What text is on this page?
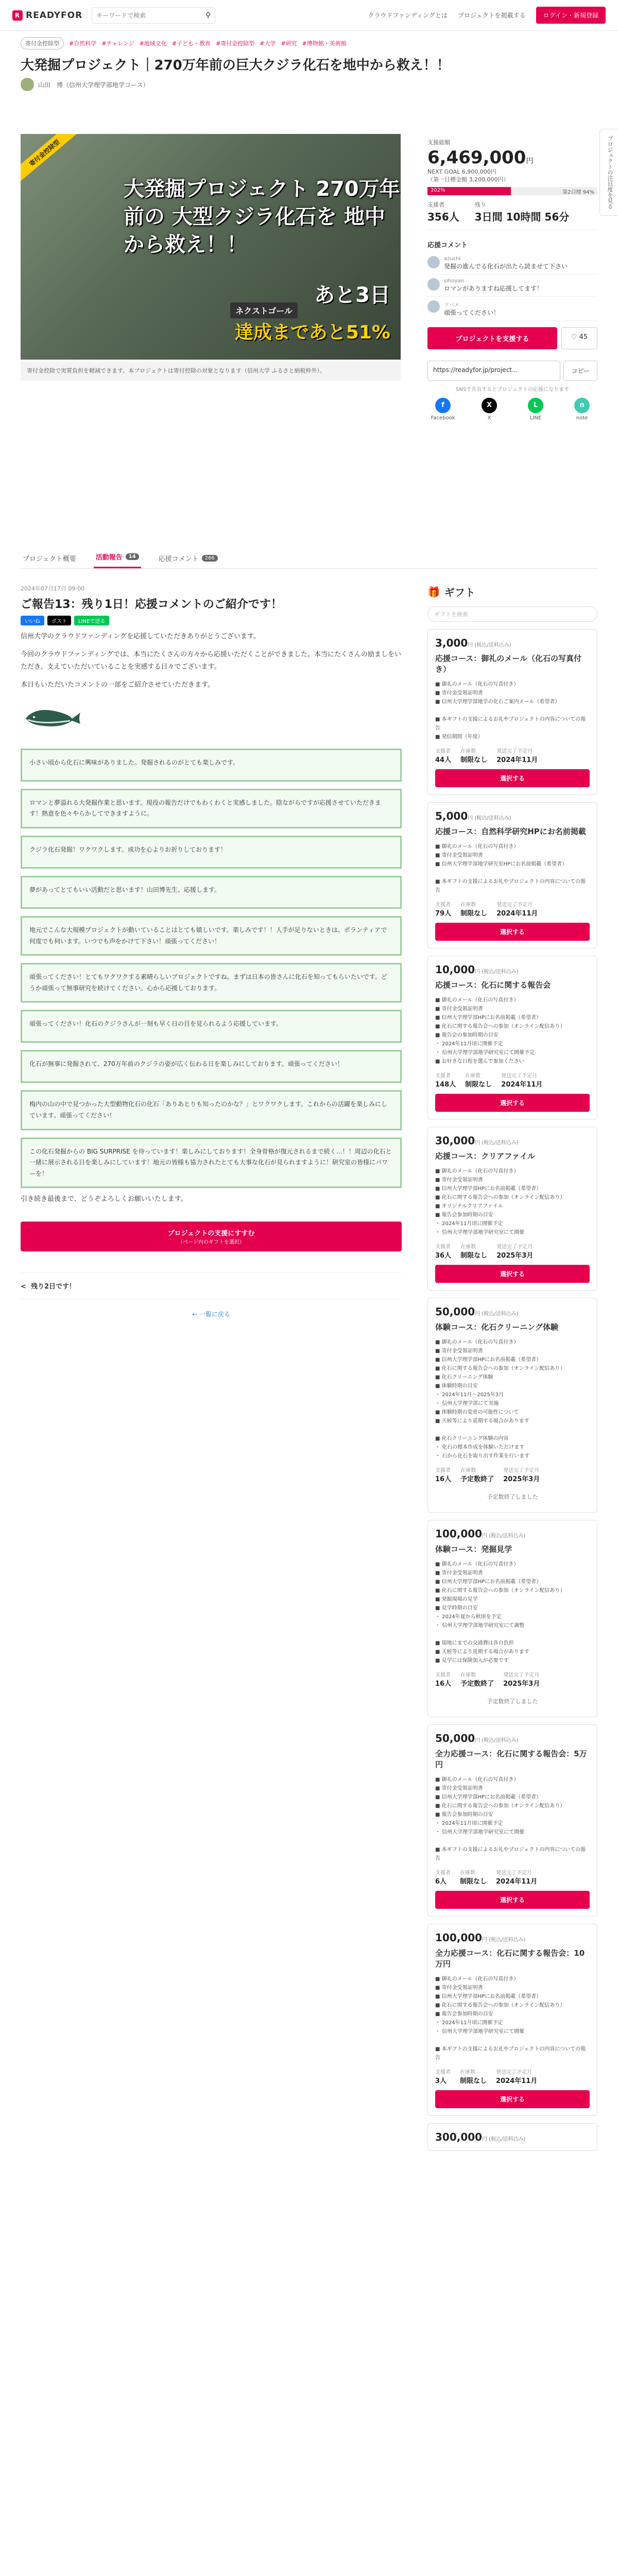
R READYFOR
キーワードで検索	⚲	クラウドファンディングとは プロジェクトを掲載する	ログイン・新規登録
プロジェクトの注目度を見る
寄付金控除型	#自然科学 #チャレンジ #地域文化 #子ども・教育 #寄付金控除型 #大学 #研究 #博物館・美術館
大発掘プロジェクト｜270万年前の巨大クジラ化石を地中から救え！！
山田　博（信州大学理学部地学コース）
寄付金控除型
大発掘プロジェクト 270万年前の 大型クジラ化石を 地中から救え！！
ネクストゴール
あと3日
達成まであと51%
寄付金控除で実質負担を軽減できます。本プロジェクトは寄付控除の対象となります（信州大学 ふるさと納税枠外）。
支援総額
6,469,000円
NEXT GOAL 6,900,000円
（第一目標金額 3,200,000円）
202%	第2目標 94%
支援者
356人
残り
3日間 10時間 56分
応援コメント
azuchi
発掘の進んでる化石が出たら読ませて下さい
sihoyan
ロマンがありますね応援してます！
ツバメ
頑張ってください！
プロジェクトを支援する	♡ 45
https://readyfor.jp/project...	コピー
SNSで共有するとプロジェクトの応援になります
f
Facebook
X
X
L
LINE
n
note
プロジェクト概要	活動報告	14	応援コメント	266
2024年07月17日 09:00
ご報告13：残り1日！応援コメントのご紹介です！
いいね	ポスト	LINEで送る

信州大学のクラウドファンディングを応援していただきありがとうございます。

今回のクラウドファンディングでは、本当にたくさんの方々から応援いただくことができました。本当にたくさんの励ましをいただき、支えていただいていることを実感する日々でございます。

本日もいただいたコメントの一部をご紹介させていただきます。

小さい頃から化石に興味がありました。発掘されるのがとても楽しみです。
ロマンと夢溢れる大発掘作業と思います。現役の報告だけでもわくわくと実感しました。陰ながらですが応援させていただきます！熱意を色々やらかしてできますように。
クジラ化石発掘！ワクワクします。成功を心よりお祈りしております！
夢があってとてもいい活動だと思います！山田博先生、応援します。
地元でこんな大規模プロジェクトが動いていることはとても嬉しいです。楽しみです！！人手が足りないときは、ボランティアで何度でも伺います。いつでも声をかけて下さい！頑張ってください！
頑張ってください！とてもワクワクする素晴らしいプロジェクトですね。まずは日本の皆さんに化石を知ってもらいたいです。どうか頑張って無事研究を続けてください。心から応援しております。
頑張ってください！化石のクジラさんが一刻も早く日の目を見られるよう応援しています。
化石が無事に発掘されて、270万年前のクジラの姿が広く伝わる日を楽しみにしております。頑張ってください！
梅内の山の中で見つかった大型動物化石の化石「ありあとりも知ったのかな？」とワクワクします。これからの活躍を楽しみにしています。頑張ってください！
この化石発掘からの BIG SURPRISE を待っています！楽しみにしております！全身骨格が復元されるまで続く…！！周辺の化石と一緒に展示される日を楽しみにしています！地元の皆様も協力されたとても大事な化石が見られますように！研究室の皆様にパワーを！

引き続き最後まで、どうぞよろしくお願いいたします。

プロジェクトの支援にすすむ
（ページ内のギフトを選択）
<  残り2日です！
← 一覧に戻る
🎁 ギフト
ギフトを検索
3,000円 (税込/送料込み)
応援コース：御礼のメール（化石の写真付き）
■ 御礼のメール（化石の写真付き）
■ 寄付金受領証明書
■ 信州大学理学部地学の化石ご案内メール（希望者）

■ 本ギフトの支援によるお礼やプロジェクトの内容についての報告
■ 発信期間（年度）
支援者
44人
在庫数
制限なし
発送完了予定月
2024年11月
選択する
5,000円 (税込/送料込み)
応援コース：自然科学研究HPにお名前掲載
■ 御礼のメール（化石の写真付き）
■ 寄付金受領証明書
■ 信州大学理学部地学研究室HPにお名前掲載（希望者）

■ 本ギフトの支援によるお礼やプロジェクトの内容についての報告
支援者
79人
在庫数
制限なし
発送完了予定月
2024年11月
選択する
10,000円 (税込/送料込み)
応援コース：化石に関する報告会
■ 御礼のメール（化石の写真付き）
■ 寄付金受領証明書
■ 信州大学理学部HPにお名前掲載（希望者）
■ 化石に関する報告会への参加（オンライン配信あり）
■ 報告会の参加時期の目安
・ 2024年11月頃に開催予定
・ 信州大学理学部地学研究室にて開催予定
■ お好きな日程を選んで参加ください
支援者
148人
在庫数
制限なし
発送完了予定月
2024年11月
選択する
30,000円 (税込/送料込み)
応援コース：クリアファイル
■ 御礼のメール（化石の写真付き）
■ 寄付金受領証明書
■ 信州大学理学部HPにお名前掲載（希望者）
■ 化石に関する報告会への参加（オンライン配信あり）
■ オリジナルクリアファイル
■ 報告会参加時期の目安
・ 2024年11月頃に開催予定
・ 信州大学理学部地学研究室にて開催
支援者
36人
在庫数
制限なし
発送完了予定月
2025年3月
選択する
50,000円 (税込/送料込み)
体験コース：化石クリーニング体験
■ 御礼のメール（化石の写真付き）
■ 寄付金受領証明書
■ 信州大学理学部HPにお名前掲載（希望者）
■ 化石に関する報告会への参加（オンライン配信あり）
■ 化石クリーニング体験
■ 体験時期の目安
・ 2024年11月〜2025年3月
・ 信州大学理学部にて実施
■ 体験時期の変更の可能性について
■ 天候等により延期する場合があります

■ 化石クリーニング体験の内容
・ 化石の標本作成を体験いただけます
・ 石から化石を取り出す作業を行います
支援者
16人
在庫数
予定数終了
発送完了予定月
2025年3月
予定数終了しました
100,000円 (税込/送料込み)
体験コース：発掘見学
■ 御礼のメール（化石の写真付き）
■ 寄付金受領証明書
■ 信州大学理学部HPにお名前掲載（希望者）
■ 化石に関する報告会への参加（オンライン配信あり）
■ 発掘現場の見学
■ 見学時期の目安
・ 2024年夏から秋頃を予定
・ 信州大学理学部地学研究室にて調整

■ 現地にまでの交通費は各自負担
■ 天候等により延期する場合があります
■ 見学には保険加入が必要です
支援者
16人
在庫数
予定数終了
発送完了予定月
2025年3月
予定数終了しました
50,000円 (税込/送料込み)
全力応援コース：化石に関する報告会：5万円
■ 御礼のメール（化石の写真付き）
■ 寄付金受領証明書
■ 信州大学理学部HPにお名前掲載（希望者）
■ 化石に関する報告会への参加（オンライン配信あり）
■ 報告会参加時期の目安
・ 2024年11月頃に開催予定
・ 信州大学理学部地学研究室にて開催

■ 本ギフトの支援によるお礼やプロジェクトの内容についての報告
支援者
6人
在庫数
制限なし
発送完了予定月
2024年11月
選択する
100,000円 (税込/送料込み)
全力応援コース：化石に関する報告会：10万円
■ 御礼のメール（化石の写真付き）
■ 寄付金受領証明書
■ 信州大学理学部HPにお名前掲載（希望者）
■ 化石に関する報告会への参加（オンライン配信あり）
■ 報告会参加時期の目安
・ 2024年11月頃に開催予定
・ 信州大学理学部地学研究室にて開催

■ 本ギフトの支援によるお礼やプロジェクトの内容についての報告
支援者
3人
在庫数
制限なし
発送完了予定月
2024年11月
選択する
300,000円 (税込/送料込み)
